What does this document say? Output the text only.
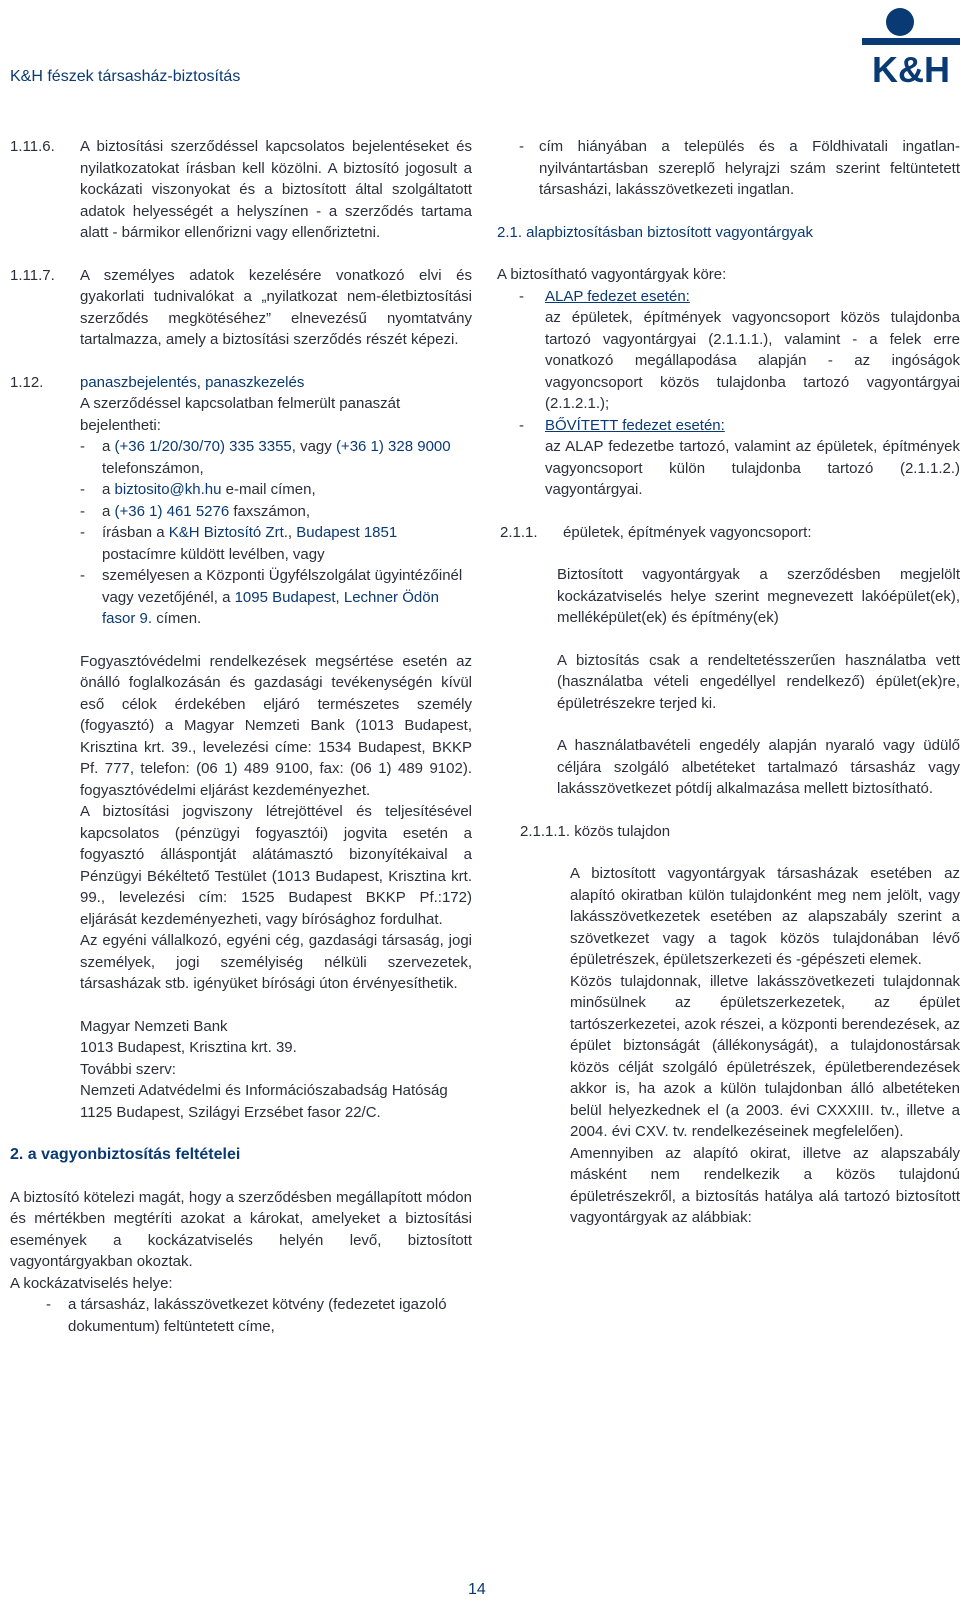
K&H fészek társasház-biztosítás	K&H
1.11.6.	A biztosítási szerződéssel kapcsolatos bejelentéseket és nyilatkozatokat írásban kell közölni. A biztosító jogosult a kockázati viszonyokat és a biztosított által szolgáltatott adatok helyességét a helyszínen - a szerződés tartama alatt - bármikor ellenőrizni vagy ellenőriztetni.

1.11.7.	A személyes adatok kezelésére vonatkozó elvi és gyakorlati tudnivalókat a „nyilatkozat nem-életbiztosítási szerződés megkötéséhez” elnevezésű nyomtatvány tartalmazza, amely a biztosítási szerződés részét képezi.

1.12. panaszbejelentés, panaszkezelés

A szerződéssel kapcsolatban felmerült panaszát bejelentheti:

- a (+36 1/20/30/70) 335 3355, vagy (+36 1) 328 9000 telefonszámon,
- a biztosito@kh.hu e-mail címen,
- a (+36 1) 461 5276 faxszámon,
- írásban a K&H Biztosító Zrt., Budapest 1851 postacímre küldött levélben, vagy
- személyesen a Központi Ügyfélszolgálat ügyintézőinél vagy vezetőjénél, a 1095 Budapest, Lechner Ödön fasor 9. címen.

Fogyasztóvédelmi rendelkezések megsértése esetén az önálló foglalkozásán és gazdasági tevékenységén kívül eső célok érdekében eljáró természetes személy (fogyasztó) a Magyar Nemzeti Bank (1013 Budapest, Krisztina krt. 39., levelezési címe: 1534 Budapest, BKKP Pf. 777, telefon: (06 1) 489 9100, fax: (06 1) 489 9102). fogyasztóvédelmi eljárást kezdeményezhet.

A biztosítási jogviszony létrejöttével és teljesítésével kapcsolatos (pénzügyi fogyasztói) jogvita esetén a fogyasztó álláspontját alátámasztó bizonyítékaival a Pénzügyi Békéltető Testület (1013 Budapest, Krisztina krt. 99., levelezési cím: 1525 Budapest BKKP Pf.:172) eljárását kezdeményezheti, vagy bírósághoz fordulhat.

Az egyéni vállalkozó, egyéni cég, gazdasági társaság, jogi személyek, jogi személyiség nélküli szervezetek, társasházak stb. igényüket bírósági úton érvényesíthetik.

Magyar Nemzeti Bank

1013 Budapest, Krisztina krt. 39.

További szerv:

Nemzeti Adatvédelmi és Információszabadság Hatóság

1125 Budapest, Szilágyi Erzsébet fasor 22/C.

2. a vagyonbiztosítás feltételei

A biztosító kötelezi magát, hogy a szerződésben megállapított módon és mértékben megtéríti azokat a károkat, amelyeket a biztosítási események a kockázatviselés helyén levő, biztosított vagyontárgyakban okoztak.

A kockázatviselés helye:

- a társasház, lakásszövetkezet kötvény (fedezetet igazoló dokumentum) feltüntetett címe,
- cím hiányában a település és a Földhivatali ingatlan-nyilvántartásban szereplő helyrajzi szám szerint feltüntetett társasházi, lakásszövetkezeti ingatlan.

2.1. alapbiztosításban biztosított vagyontárgyak

A biztosítható vagyontárgyak köre:

- ALAP fedezet esetén:

az épületek, építmények vagyoncsoport közös tulajdonba tartozó vagyontárgyai (2.1.1.1.), valamint - a felek erre vonatkozó megállapodása alapján - az ingóságok vagyoncsoport közös tulajdonba tartozó vagyontárgyai (2.1.2.1.);

- BŐVÍTETT fedezet esetén:

az ALAP fedezetbe tartozó, valamint az épületek, építmények vagyoncsoport külön tulajdonba tartozó (2.1.1.2.) vagyontárgyai.

2.1.1. épületek, építmények vagyoncsoport:

Biztosított vagyontárgyak a szerződésben megjelölt kockázatviselés helye szerint megnevezett lakóépület(ek), melléképület(ek) és építmény(ek)

A biztosítás csak a rendeltetésszerűen használatba vett (használatba vételi engedéllyel rendelkező) épület(ek)re, épületrészekre terjed ki.

A használatbavételi engedély alapján nyaraló vagy üdülő céljára szolgáló albetéteket tartalmazó társasház vagy lakásszövetkezet pótdíj alkalmazása mellett biztosítható.

2.1.1.1. közös tulajdon

A biztosított vagyontárgyak társasházak esetében az alapító okiratban külön tulajdonként meg nem jelölt, vagy lakásszövetkezetek esetében az alapszabály szerint a szövetkezet vagy a tagok közös tulajdonában lévő épületrészek, épületszerkezeti és -gépészeti elemek.

Közös tulajdonnak, illetve lakásszövetkezeti tulajdonnak minősülnek az épületszerkezetek, az épület tartószerkezetei, azok részei, a központi berendezések, az épület biztonságát (állékonyságát), a tulajdonostársak közös célját szolgáló épületrészek, épületberendezések akkor is, ha azok a külön tulajdonban álló albetéteken belül helyezkednek el (a 2003. évi CXXXIII. tv., illetve a 2004. évi CXV. tv. rendelkezéseinek megfelelően).

Amennyiben az alapító okirat, illetve az alapszabály másként nem rendelkezik a közös tulajdonú épületrészekről, a biztosítás hatálya alá tartozó biztosított vagyontárgyak az alábbiak:

14
